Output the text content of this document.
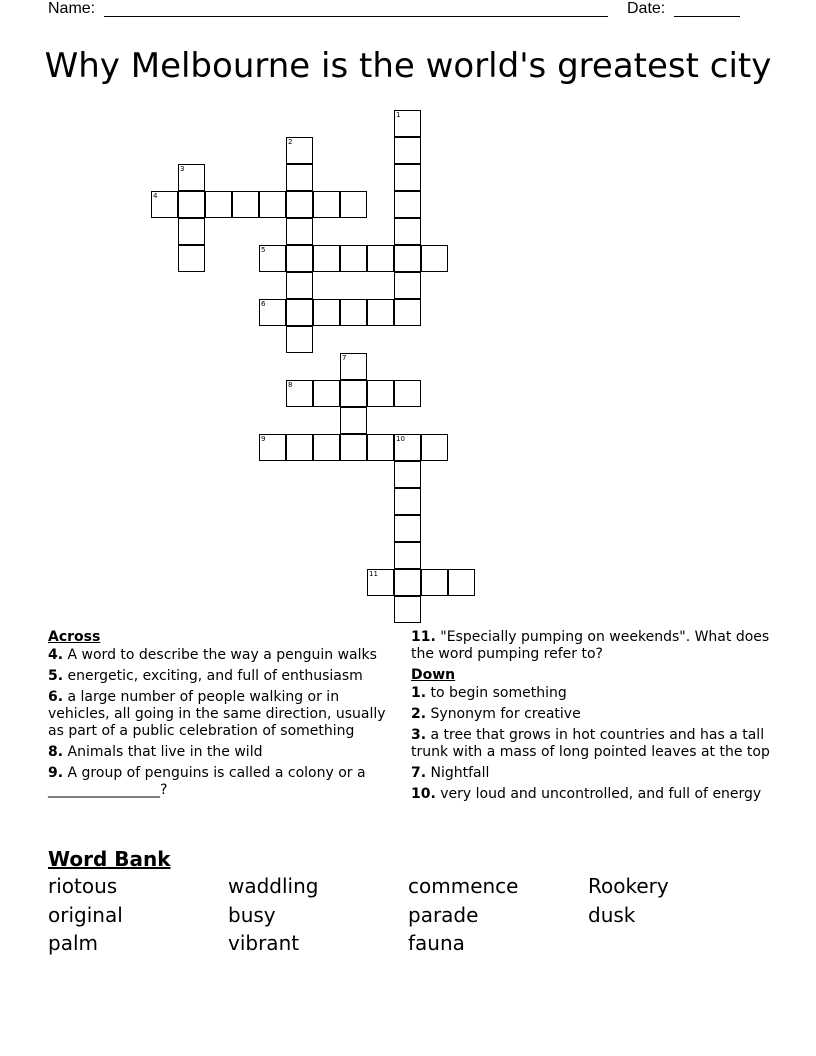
Name:	Date:
Why Melbourne is the world's greatest city
1
2
3
4
5
6
7
8
9	10
11
Across
4. A word to describe the way a penguin walks
5. energetic, exciting, and full of enthusiasm
6. a large number of people walking or in vehicles, all going in the same direction, usually as part of a public celebration of something
8. Animals that live in the wild
9. A group of penguins is called a colony or a ________________?
11. "Especially pumping on weekends". What does the word pumping refer to?
Down
1. to begin something
2. Synonym for creative
3. a tree that grows in hot countries and has a tall trunk with a mass of long pointed leaves at the top
7. Nightfall
10. very loud and uncontrolled, and full of energy
Word Bank
riotous	waddling	commence	Rookery
original	busy	parade	dusk
palm	vibrant	fauna
